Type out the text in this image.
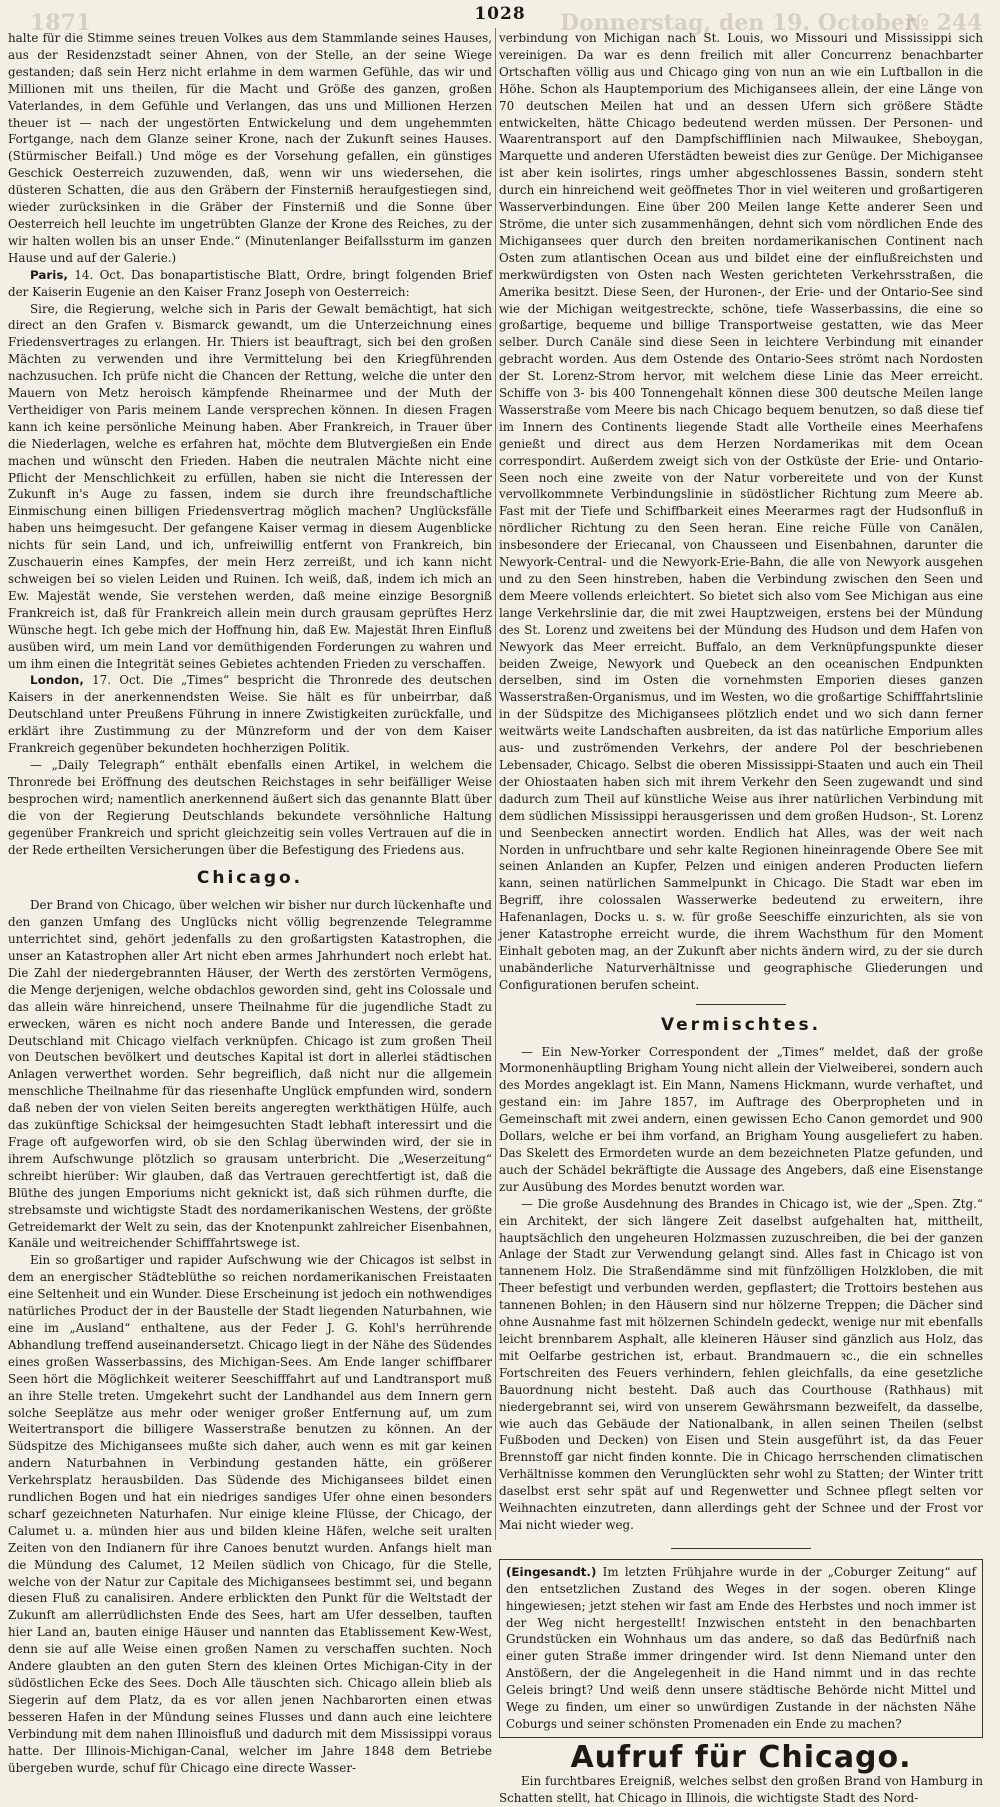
1028
1871	Donnerstag, den 19. October
№ 244

halte für die Stimme seines treuen Volkes aus dem Stammlande seines Hauses, aus der Residenzstadt seiner Ahnen, von der Stelle, an der seine Wiege gestanden; daß sein Herz nicht erlahme in dem warmen Gefühle, das wir und Millionen mit uns theilen, für die Macht und Größe des ganzen, großen Vaterlandes, in dem Gefühle und Verlangen, das uns und Millionen Herzen theuer ist — nach der ungestörten Entwickelung und dem ungehemmten Fortgange, nach dem Glanze seiner Krone, nach der Zukunft seines Hauses. (Stürmischer Beifall.) Und möge es der Vorsehung gefallen, ein günstiges Geschick Oesterreich zuzuwenden, daß, wenn wir uns wiedersehen, die düsteren Schatten, die aus den Gräbern der Finsterniß heraufgestiegen sind, wieder zurücksinken in die Gräber der Finsterniß und die Sonne über Oesterreich hell leuchte im ungetrübten Glanze der Krone des Reiches, zu der wir halten wollen bis an unser Ende.“ (Minutenlanger Beifallssturm im ganzen Hause und auf der Galerie.)

Paris, 14. Oct. Das bonapartistische Blatt, Ordre, bringt folgenden Brief der Kaiserin Eugenie an den Kaiser Franz Joseph von Oesterreich:

Sire, die Regierung, welche sich in Paris der Gewalt bemächtigt, hat sich direct an den Grafen v. Bismarck gewandt, um die Unterzeichnung eines Friedensvertrages zu erlangen. Hr. Thiers ist beauftragt, sich bei den großen Mächten zu verwenden und ihre Vermittelung bei den Kriegführenden nachzusuchen. Ich prüfe nicht die Chancen der Rettung, welche die unter den Mauern von Metz heroisch kämpfende Rheinarmee und der Muth der Vertheidiger von Paris meinem Lande versprechen können. In diesen Fragen kann ich keine persönliche Meinung haben. Aber Frankreich, in Trauer über die Niederlagen, welche es erfahren hat, möchte dem Blutvergießen ein Ende machen und wünscht den Frieden. Haben die neutralen Mächte nicht eine Pflicht der Menschlichkeit zu erfüllen, haben sie nicht die Interessen der Zukunft in's Auge zu fassen, indem sie durch ihre freundschaftliche Einmischung einen billigen Friedensvertrag möglich machen? Unglücksfälle haben uns heimgesucht. Der gefangene Kaiser vermag in diesem Augenblicke nichts für sein Land, und ich, unfreiwillig entfernt von Frankreich, bin Zuschauerin eines Kampfes, der mein Herz zerreißt, und ich kann nicht schweigen bei so vielen Leiden und Ruinen. Ich weiß, daß, indem ich mich an Ew. Majestät wende, Sie verstehen werden, daß meine einzige Besorgniß Frankreich ist, daß für Frankreich allein mein durch grausam geprüftes Herz Wünsche hegt. Ich gebe mich der Hoffnung hin, daß Ew. Majestät Ihren Einfluß ausüben wird, um mein Land vor demüthigenden Forderungen zu wahren und um ihm einen die Integrität seines Gebietes achtenden Frieden zu verschaffen.

London, 17. Oct. Die „Times“ bespricht die Thronrede des deutschen Kaisers in der anerkennendsten Weise. Sie hält es für unbeirrbar, daß Deutschland unter Preußens Führung in innere Zwistigkeiten zurückfalle, und erklärt ihre Zustimmung zu der Münzreform und der von dem Kaiser Frankreich gegenüber bekundeten hochherzigen Politik.

— „Daily Telegraph“ enthält ebenfalls einen Artikel, in welchem die Thronrede bei Eröffnung des deutschen Reichstages in sehr beifälliger Weise besprochen wird; namentlich anerkennend äußert sich das genannte Blatt über die von der Regierung Deutschlands bekundete versöhnliche Haltung gegenüber Frankreich und spricht gleichzeitig sein volles Vertrauen auf die in der Rede ertheilten Versicherungen über die Befestigung des Friedens aus.

Chicago.

Der Brand von Chicago, über welchen wir bisher nur durch lückenhafte und den ganzen Umfang des Unglücks nicht völlig begrenzende Telegramme unterrichtet sind, gehört jedenfalls zu den großartigsten Katastrophen, die unser an Katastrophen aller Art nicht eben armes Jahrhundert noch erlebt hat. Die Zahl der niedergebrannten Häuser, der Werth des zerstörten Vermögens, die Menge derjenigen, welche obdachlos geworden sind, geht ins Colossale und das allein wäre hinreichend, unsere Theilnahme für die jugendliche Stadt zu erwecken, wären es nicht noch andere Bande und Interessen, die gerade Deutschland mit Chicago vielfach verknüpfen. Chicago ist zum großen Theil von Deutschen bevölkert und deutsches Kapital ist dort in allerlei städtischen Anlagen verwerthet worden. Sehr begreiflich, daß nicht nur die allgemein menschliche Theilnahme für das riesenhafte Unglück empfunden wird, sondern daß neben der von vielen Seiten bereits angeregten werkthätigen Hülfe, auch das zukünftige Schicksal der heimgesuchten Stadt lebhaft interessirt und die Frage oft aufgeworfen wird, ob sie den Schlag überwinden wird, der sie in ihrem Aufschwunge plötzlich so grausam unterbricht. Die „Weserzeitung“ schreibt hierüber: Wir glauben, daß das Vertrauen gerechtfertigt ist, daß die Blüthe des jungen Emporiums nicht geknickt ist, daß sich rühmen durfte, die strebsamste und wichtigste Stadt des nordamerikanischen Westens, der größte Getreidemarkt der Welt zu sein, das der Knotenpunkt zahlreicher Eisenbahnen, Kanäle und weitreichender Schifffahrtswege ist.

Ein so großartiger und rapider Aufschwung wie der Chicagos ist selbst in dem an energischer Städteblüthe so reichen nordamerikanischen Freistaaten eine Seltenheit und ein Wunder. Diese Erscheinung ist jedoch ein nothwendiges natürliches Product der in der Baustelle der Stadt liegenden Naturbahnen, wie eine im „Ausland“ enthaltene, aus der Feder J. G. Kohl's herrührende Abhandlung treffend auseinandersetzt. Chicago liegt in der Nähe des Südendes eines großen Wasserbassins, des Michigan-Sees. Am Ende langer schiffbarer Seen hört die Möglichkeit weiterer Seeschifffahrt auf und Landtransport muß an ihre Stelle treten. Umgekehrt sucht der Landhandel aus dem Innern gern solche Seeplätze aus mehr oder weniger großer Entfernung auf, um zum Weitertransport die billigere Wasserstraße benutzen zu können. An der Südspitze des Michigansees mußte sich daher, auch wenn es mit gar keinen andern Naturbahnen in Verbindung gestanden hätte, ein größerer Verkehrsplatz herausbilden. Das Südende des Michigansees bildet einen rundlichen Bogen und hat ein niedriges sandiges Ufer ohne einen besonders scharf gezeichneten Naturhafen. Nur einige kleine Flüsse, der Chicago, der Calumet u. a. münden hier aus und bilden kleine Häfen, welche seit uralten Zeiten von den Indianern für ihre Canoes benutzt wurden. Anfangs hielt man die Mündung des Calumet, 12 Meilen südlich von Chicago, für die Stelle, welche von der Natur zur Capitale des Michigansees bestimmt sei, und begann diesen Fluß zu canalisiren. Andere erblickten den Punkt für die Weltstadt der Zukunft am allerrüdlichsten Ende des Sees, hart am Ufer desselben, tauften hier Land an, bauten einige Häuser und nannten das Etablissement Kew-West, denn sie auf alle Weise einen großen Namen zu verschaffen suchten. Noch Andere glaubten an den guten Stern des kleinen Ortes Michigan-City in der südöstlichen Ecke des Sees. Doch Alle täuschten sich. Chicago allein blieb als Siegerin auf dem Platz, da es vor allen jenen Nachbarorten einen etwas besseren Hafen in der Mündung seines Flusses und dann auch eine leichtere Verbindung mit dem nahen Illinoisfluß und dadurch mit dem Mississippi voraus hatte. Der Illinois-Michigan-Canal, welcher im Jahre 1848 dem Betriebe übergeben wurde, schuf für Chicago eine directe Wasser-

verbindung von Michigan nach St. Louis, wo Missouri und Mississippi sich vereinigen. Da war es denn freilich mit aller Concurrenz benachbarter Ortschaften völlig aus und Chicago ging von nun an wie ein Luftballon in die Höhe. Schon als Hauptemporium des Michigansees allein, der eine Länge von 70 deutschen Meilen hat und an dessen Ufern sich größere Städte entwickelten, hätte Chicago bedeutend werden müssen. Der Personen- und Waarentransport auf den Dampfschifflinien nach Milwaukee, Sheboygan, Marquette und anderen Uferstädten beweist dies zur Genüge. Der Michigansee ist aber kein isolirtes, rings umher abgeschlossenes Bassin, sondern steht durch ein hinreichend weit geöffnetes Thor in viel weiteren und großartigeren Wasserverbindungen. Eine über 200 Meilen lange Kette anderer Seen und Ströme, die unter sich zusammenhängen, dehnt sich vom nördlichen Ende des Michigansees quer durch den breiten nordamerikanischen Continent nach Osten zum atlantischen Ocean aus und bildet eine der einflußreichsten und merkwürdigsten von Osten nach Westen gerichteten Verkehrsstraßen, die Amerika besitzt. Diese Seen, der Huronen-, der Erie- und der Ontario-See sind wie der Michigan weitgestreckte, schöne, tiefe Wasserbassins, die eine so großartige, bequeme und billige Transportweise gestatten, wie das Meer selber. Durch Canäle sind diese Seen in leichtere Verbindung mit einander gebracht worden. Aus dem Ostende des Ontario-Sees strömt nach Nordosten der St. Lorenz-Strom hervor, mit welchem diese Linie das Meer erreicht. Schiffe von 3- bis 400 Tonnengehalt können diese 300 deutsche Meilen lange Wasserstraße vom Meere bis nach Chicago bequem benutzen, so daß diese tief im Innern des Continents liegende Stadt alle Vortheile eines Meerhafens genießt und direct aus dem Herzen Nordamerikas mit dem Ocean correspondirt. Außerdem zweigt sich von der Ostküste der Erie- und Ontario-Seen noch eine zweite von der Natur vorbereitete und von der Kunst vervollkommnete Verbindungslinie in südöstlicher Richtung zum Meere ab. Fast mit der Tiefe und Schiffbarkeit eines Meerarmes ragt der Hudsonfluß in nördlicher Richtung zu den Seen heran. Eine reiche Fülle von Canälen, insbesondere der Eriecanal, von Chausseen und Eisenbahnen, darunter die Newyork-Central- und die Newyork-Erie-Bahn, die alle von Newyork ausgehen und zu den Seen hinstreben, haben die Verbindung zwischen den Seen und dem Meere vollends erleichtert. So bietet sich also vom See Michigan aus eine lange Verkehrslinie dar, die mit zwei Hauptzweigen, erstens bei der Mündung des St. Lorenz und zweitens bei der Mündung des Hudson und dem Hafen von Newyork das Meer erreicht. Buffalo, an dem Verknüpfungspunkte dieser beiden Zweige, Newyork und Quebeck an den oceanischen Endpunkten derselben, sind im Osten die vornehmsten Emporien dieses ganzen Wasserstraßen-Organismus, und im Westen, wo die großartige Schifffahrtslinie in der Südspitze des Michigansees plötzlich endet und wo sich dann ferner weitwärts weite Landschaften ausbreiten, da ist das natürliche Emporium alles aus- und zuströmenden Verkehrs, der andere Pol der beschriebenen Lebensader, Chicago. Selbst die oberen Mississippi-Staaten und auch ein Theil der Ohiostaaten haben sich mit ihrem Verkehr den Seen zugewandt und sind dadurch zum Theil auf künstliche Weise aus ihrer natürlichen Verbindung mit dem südlichen Mississippi herausgerissen und dem großen Hudson-, St. Lorenz und Seenbecken annectirt worden. Endlich hat Alles, was der weit nach Norden in unfruchtbare und sehr kalte Regionen hineinragende Obere See mit seinen Anlanden an Kupfer, Pelzen und einigen anderen Producten liefern kann, seinen natürlichen Sammelpunkt in Chicago. Die Stadt war eben im Begriff, ihre colossalen Wasserwerke bedeutend zu erweitern, ihre Hafenanlagen, Docks u. s. w. für große Seeschiffe einzurichten, als sie von jener Katastrophe erreicht wurde, die ihrem Wachsthum für den Moment Einhalt geboten mag, an der Zukunft aber nichts ändern wird, zu der sie durch unabänderliche Naturverhältnisse und geographische Gliederungen und Configurationen berufen scheint.

Vermischtes.

— Ein New-Yorker Correspondent der „Times“ meldet, daß der große Mormonenhäuptling Brigham Young nicht allein der Vielweiberei, sondern auch des Mordes angeklagt ist. Ein Mann, Namens Hickmann, wurde verhaftet, und gestand ein: im Jahre 1857, im Auftrage des Oberpropheten und in Gemeinschaft mit zwei andern, einen gewissen Echo Canon gemordet und 900 Dollars, welche er bei ihm vorfand, an Brigham Young ausgeliefert zu haben. Das Skelett des Ermordeten wurde an dem bezeichneten Platze gefunden, und auch der Schädel bekräftigte die Aussage des Angebers, daß eine Eisenstange zur Ausübung des Mordes benutzt worden war.

— Die große Ausdehnung des Brandes in Chicago ist, wie der „Spen. Ztg.“ ein Architekt, der sich längere Zeit daselbst aufgehalten hat, mittheilt, hauptsächlich den ungeheuren Holzmassen zuzuschreiben, die bei der ganzen Anlage der Stadt zur Verwendung gelangt sind. Alles fast in Chicago ist von tannenem Holz. Die Straßendämme sind mit fünfzölligen Holzkloben, die mit Theer befestigt und verbunden werden, gepflastert; die Trottoirs bestehen aus tannenen Bohlen; in den Häusern sind nur hölzerne Treppen; die Dächer sind ohne Ausnahme fast mit hölzernen Schindeln gedeckt, wenige nur mit ebenfalls leicht brennbarem Asphalt, alle kleineren Häuser sind gänzlich aus Holz, das mit Oelfarbe gestrichen ist, erbaut. Brandmauern ꝛc., die ein schnelles Fortschreiten des Feuers verhindern, fehlen gleichfalls, da eine gesetzliche Bauordnung nicht besteht. Daß auch das Courthouse (Rathhaus) mit niedergebrannt sei, wird von unserem Gewährsmann bezweifelt, da dasselbe, wie auch das Gebäude der Nationalbank, in allen seinen Theilen (selbst Fußboden und Decken) von Eisen und Stein ausgeführt ist, da das Feuer Brennstoff gar nicht finden konnte. Die in Chicago herrschenden climatischen Verhältnisse kommen den Verunglückten sehr wohl zu Statten; der Winter tritt daselbst erst sehr spät auf und Regenwetter und Schnee pflegt selten vor Weihnachten einzutreten, dann allerdings geht der Schnee und der Frost vor Mai nicht wieder weg.

(Eingesandt.) Im letzten Frühjahre wurde in der „Coburger Zeitung“ auf den entsetzlichen Zustand des Weges in der sogen. oberen Klinge hingewiesen; jetzt stehen wir fast am Ende des Herbstes und noch immer ist der Weg nicht hergestellt! Inzwischen entsteht in den benachbarten Grundstücken ein Wohnhaus um das andere, so daß das Bedürfniß nach einer guten Straße immer dringender wird. Ist denn Niemand unter den Anstößern, der die Angelegenheit in die Hand nimmt und in das rechte Geleis bringt? Und weiß denn unsere städtische Behörde nicht Mittel und Wege zu finden, um einer so unwürdigen Zustande in der nächsten Nähe Coburgs und seiner schönsten Promenaden ein Ende zu machen?

Aufruf für Chicago.

Ein furchtbares Ereigniß, welches selbst den großen Brand von Hamburg in Schatten stellt, hat Chicago in Illinois, die wichtigste Stadt des Nord-
